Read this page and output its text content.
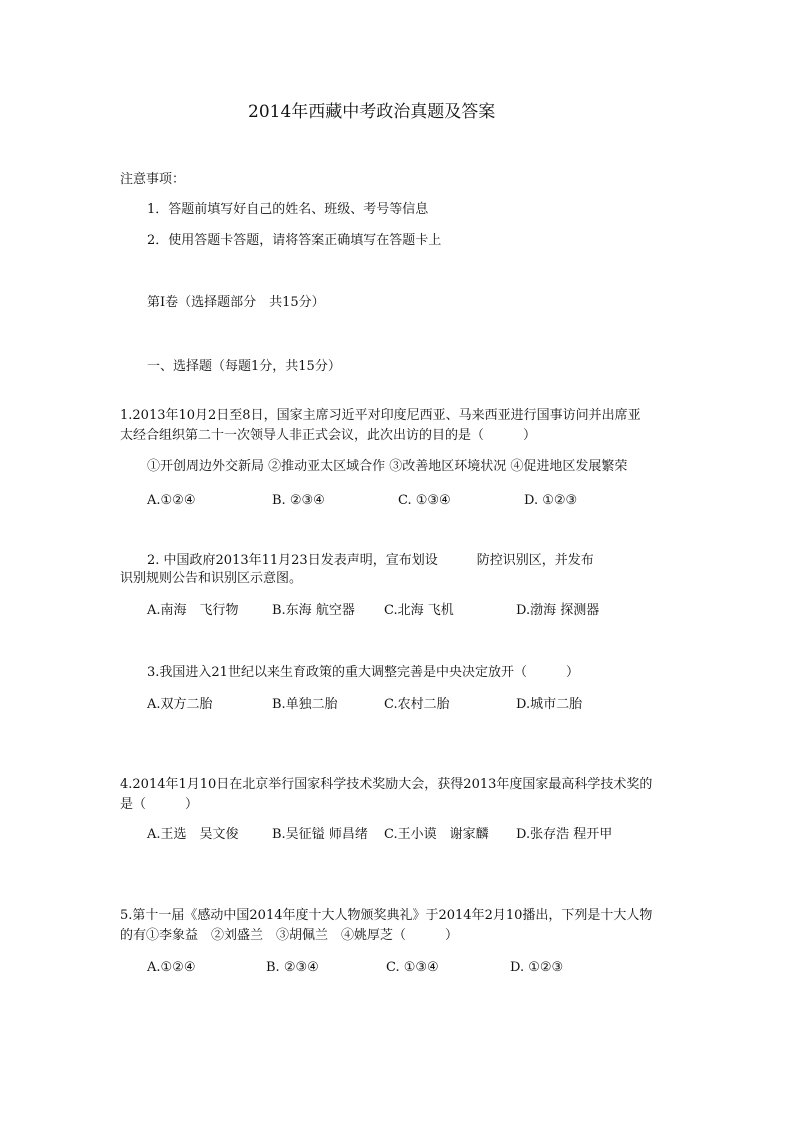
2014年西藏中考政治真题及答案
注意事项：
1．答题前填写好自己的姓名、班级、考号等信息
2．使用答题卡答题，请将答案正确填写在答题卡上
第I卷（选择题部分　共15分）
一、选择题（每题1分，共15分）
1.2013年10月2日至8日，国家主席习近平对印度尼西亚、马来西亚进行国事访问并出席亚
太经合组织第二十一次领导人非正式会议，此次出访的目的是（　　　）
①开创周边外交新局 ②推动亚太区域合作 ③改善地区环境状况 ④促进地区发展繁荣
A.①②④	B. ②③④	C. ①③④	D. ①②③
2. 中国政府2013年11月23日发表声明，宣布划设　　　防控识别区，并发布
识别规则公告和识别区示意图。
A.南海　飞行物	B.东海 航空器 C.北海 飞机	D.渤海 探测器
3.我国进入21世纪以来生育政策的重大调整完善是中央决定放开（　　　）
A.双方二胎	B.单独二胎	C.农村二胎	D.城市二胎
4.2014年1月10日在北京举行国家科学技术奖励大会，获得2013年度国家最高科学技术奖的
是（　　　）
A.王选　吴文俊	B.吴征镒 师昌绪 C.王小谟　谢家麟 D.张存浩 程开甲
5.第十一届《感动中国2014年度十大人物颁奖典礼》于2014年2月10播出，下列是十大人物
的有①李象益　②刘盛兰　③胡佩兰　④姚厚芝（　　　）
A.①②④	B. ②③④	C. ①③④	D. ①②③
